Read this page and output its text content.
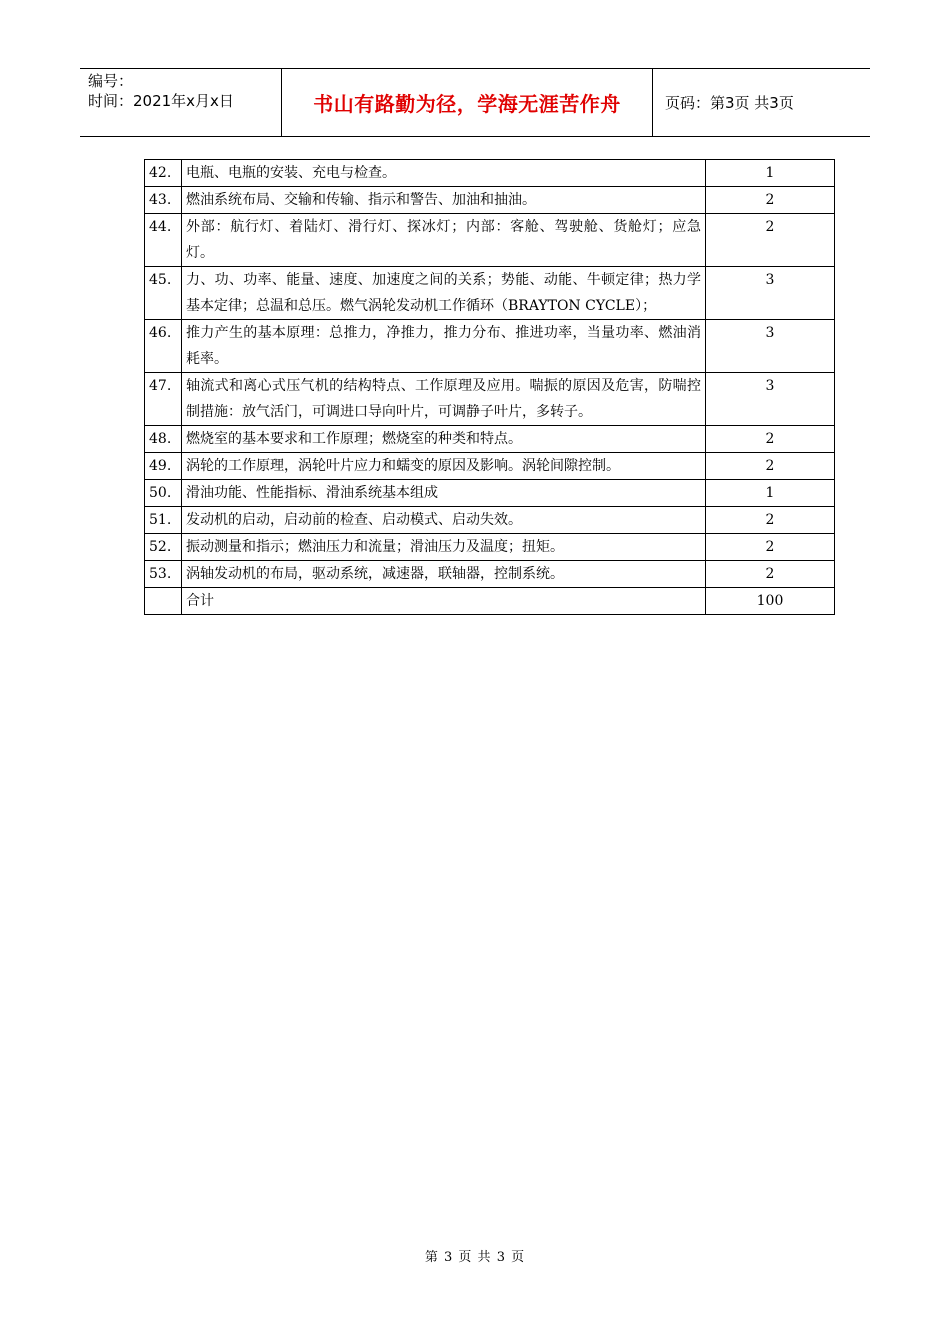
编号：
时间：2021年x月x日	书山有路勤为径，学海无涯苦作舟	页码：第3页 共3页
42.	电瓶、电瓶的安装、充电与检查。	1
43.	燃油系统布局、交输和传输、指示和警告、加油和抽油。	2
44.	外部：航行灯、着陆灯、滑行灯、探冰灯；内部：客舱、驾驶舱、货舱灯；应急灯。	2
45.	力、功、功率、能量、速度、加速度之间的关系；势能、动能、牛顿定律；热力学基本定律；总温和总压。燃气涡轮发动机工作循环（BRAYTON CYCLE）；	3
46.	推力产生的基本原理：总推力，净推力，推力分布、推进功率，当量功率、燃油消耗率。	3
47.	轴流式和离心式压气机的结构特点、工作原理及应用。喘振的原因及危害，防喘控制措施：放气活门，可调进口导向叶片，可调静子叶片，多转子。	3
48.	燃烧室的基本要求和工作原理；燃烧室的种类和特点。	2
49.	涡轮的工作原理，涡轮叶片应力和蠕变的原因及影响。涡轮间隙控制。	2
50.	滑油功能、性能指标、滑油系统基本组成	1
51.	发动机的启动，启动前的检查、启动模式、启动失效。	2
52.	振动测量和指示；燃油压力和流量；滑油压力及温度；扭矩。	2
53.	涡轴发动机的布局，驱动系统，减速器，联轴器，控制系统。	2
	合计	100
第 3 页 共 3 页
